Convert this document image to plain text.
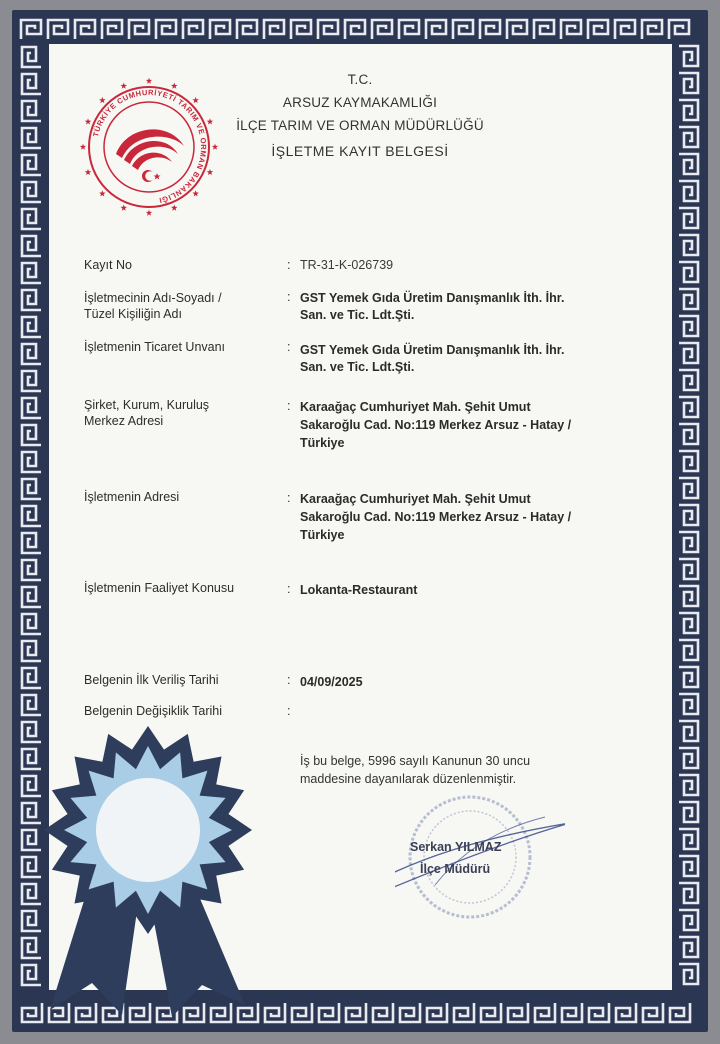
TÜRKİYE CUMHURİYETİ TARIM VE ORMAN BAKANLIĞI
T.C.
ARSUZ KAYMAKAMLIĞI
İLÇE TARIM VE ORMAN MÜDÜRLÜĞÜ
İŞLETME KAYIT BELGESİ
Kayıt No	: TR-31-K-026739
İşletmecinin Adı-Soyadı /
Tüzel Kişiliğin Adı
: GST Yemek Gıda Üretim Danışmanlık İth. İhr.
San. ve Tic. Ldt.Şti.
İşletmenin Ticaret Unvanı	: GST Yemek Gıda Üretim Danışmanlık İth. İhr.
San. ve Tic. Ldt.Şti.
Şirket, Kurum, Kuruluş
Merkez Adresi
: Karaağaç Cumhuriyet Mah. Şehit Umut
Sakaroğlu Cad. No:119 Merkez Arsuz - Hatay /
Türkiye
İşletmenin Adresi	: Karaağaç Cumhuriyet Mah. Şehit Umut
Sakaroğlu Cad. No:119 Merkez Arsuz - Hatay /
Türkiye
İşletmenin Faaliyet Konusu	: Lokanta-Restaurant
Belgenin İlk Veriliş Tarihi	: 04/09/2025
Belgenin Değişiklik Tarihi	:
İş bu belge, 5996 sayılı Kanunun 30 uncu
maddesine dayanılarak düzenlenmiştir.
Serkan YILMAZ
İlçe Müdürü
